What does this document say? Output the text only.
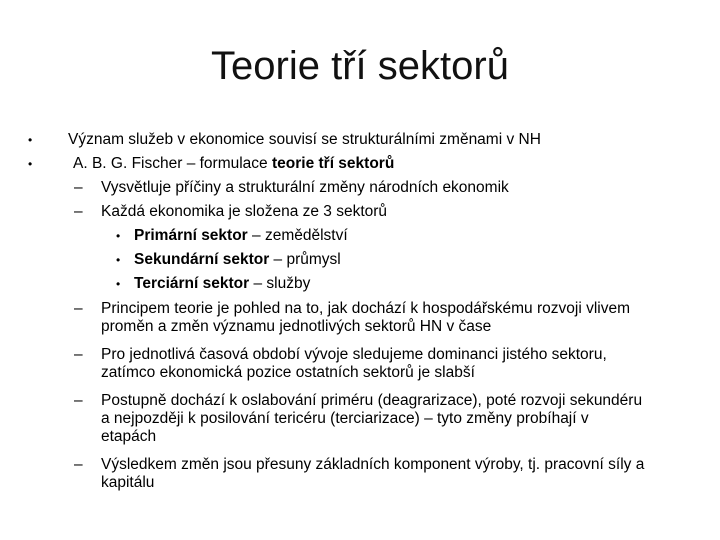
Teorie tří sektorů
• Význam služeb v ekonomice souvisí se strukturálními změnami v NH
•	A. B. G. Fischer – formulace teorie tří sektorů
– Vysvětluje příčiny a strukturální změny národních ekonomik
– Každá ekonomika je složena ze 3 sektorů
• Primární sektor – zemědělství
• Sekundární sektor – průmysl
• Terciární sektor – služby
– Principem teorie je pohled na to, jak dochází k hospodářskému rozvoji vlivem
proměn a změn významu jednotlivých sektorů HN v čase
– Pro jednotlivá časová období vývoje sledujeme dominanci jistého sektoru,
zatímco ekonomická pozice ostatních sektorů je slabší
– Postupně dochází k oslabování priméru (deagrarizace), poté rozvoji sekundéru
a nejpozději k posilování tericéru (terciarizace) – tyto změny probíhají v
etapách
– Výsledkem změn jsou přesuny základních komponent výroby, tj. pracovní síly a
kapitálu
